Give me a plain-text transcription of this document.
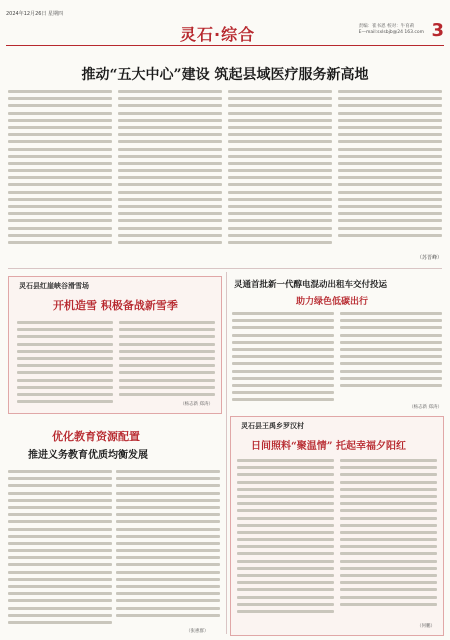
2024年12月26日 星期四
灵石·综合	责编：崔书恩 校对：牛育莉
E—mail:sxlsbjb@24 163.com 3
推动“五大中心”建设 筑起县域医疗服务新高地
（苏晋峰）
灵石县红崖峡谷滑雪场
开机造雪 积极备战新雪季
（杨志新 郑涛）
优化教育资源配置
推进义务教育优质均衡发展
（张惠群）
灵通首批新一代醇电混动出租车交付投运
助力绿色低碳出行
（杨志新 郑涛）
灵石县王禹乡罗汉村
日间照料“聚温情” 托起幸福夕阳红
（何鹏）
